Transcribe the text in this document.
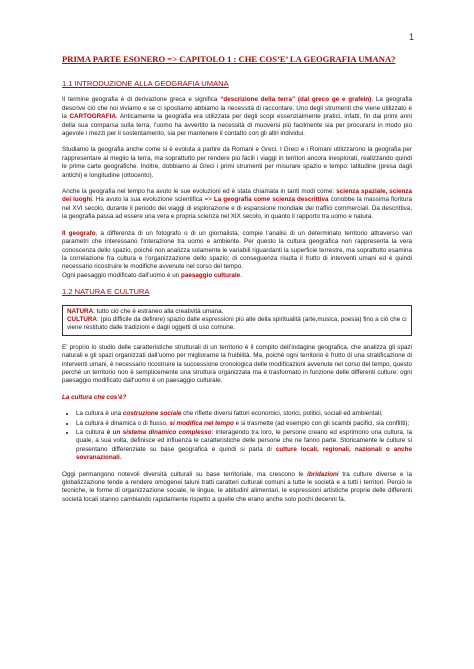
1
PRIMA PARTE ESONERO => CAPITOLO 1 : CHE COS’E’ LA GEOGRAFIA UMANA?
1.1 INTRODUZIONE ALLA GEOGRAFIA UMANA

Il termine geografia è di derivazione greca e significa “descrizione della terra” (dal greco ge e grafein). La geografia descrive ciò che noi viviamo e se ci spostiamo abbiamo la necessità di raccontare. Uno degli strumenti che viene utilizzato è la CARTOGRAFIA. Anticamente la geografia era utilizzata per degli scopi essenzialmente pratici, infatti, fin dai primi anni della sua comparsa sulla terra, l’uomo ha avvertito la necessità di muoversi più facilmente sia per procurarsi in modo più agevole i mezzi per il sostentamento, sia per mantenere il contatto con gli altri individui.

Studiamo la geografia anche come si è evoluta a partire da Romani e Greci. I Greci e i Romani utilizzarono la geografia per rappresentare al meglio la terra, ma soprattutto per rendere più facili i viaggi in territori ancora inesplorati, realizzando quindi le prime carte geografiche. Inoltre, dobbiamo ai Greci i primi strumenti per misurare spazio e tempo: latitudine (presa dagli antichi) e longitudine (ottocento).

Anche la geografia nel tempo ha avuto le sue evoluzioni ed è stata chiamata in tanti modi come: scienza spaziale, scienza dei luoghi. Ha avuto la sua evoluzione scientifica => La geografia come scienza descrittiva conobbe la massima fioritura nel XVI secolo, durante il periodo dei viaggi di esplorazione e di espansione mondiale dei traffici commerciali. Da descrittiva, la geografia passa ad essere una vera e propria scienza nel XIX secolo, in quanto il rapporto tra uomo e natura.

Il geografo, a differenza di un fotografo o di un giornalista, compie l’analisi di un determinato territorio attraverso vari parametri che interessano l’interazione tra uomo e ambiente. Per questo la cultura geografica non rappresenta la vera conoscenza dello spazio, poiché non analizza solamente le variabili riguardanti la superficie terrestre, ma soprattutto esamina la correlazione fra cultura e l’organizzazione dello spazio; di conseguenza risulta il frutto di interventi umani ed è quindi necessario ricostruire le modifiche avvenute nel corso del tempo.
Ogni paesaggio modificato dall’uomo è un paesaggio culturale.

1.2 NATURA E CULTURA
NATURA: tutto ciò che è estraneo alla creatività umana.
CULTURA: (più difficile da definire) spazio dalle espressioni più alte della spiritualità (arte,musica, poesia) fino a ciò che ci viene restituito dalle tradizioni e dagli oggetti di uso comune.

E’ proprio lo studio delle caratteristiche strutturali di un territorio è il compito dell’indagine geografica, che analizza gli spazi naturali e gli spazi organizzati dall’uomo per migliorarne la fruibilità. Ma, poiché ogni territorio è frutto di una stratificazione di interventi umani, è necessario ricostruire la successione cronologica delle modificazioni avvenute nel corso del tempo, questo perché un territorio non è semplicemente una struttura organizzata ma è trasformato in funzione delle differenti culture: ogni paesaggio modificato dall’uomo è un paesaggio culturale.

La cultura che cos’è?

• La cultura è una costruzione sociale che riflette diversi fattori economici, storici, politici, sociali ed ambientali;
• La cultura è dinamica o di flusso, si modifica nel tempo e si trasmette (ad esempio con gli scambi pacifici, sia conflitti);
• La cultura è un sistema dinamico complesso: interagendo tra loro, le persone creano ed esprimono una cultura, la quale, a sua volta, definisce ed influenza le caratteristiche delle persone che ne fanno parte. Storicamente le culture si presentano differenziate su base geografica e quindi si parla di culture locali, regionali, nazionali o anche sovranazionali.

Oggi permangono notevoli diversità culturali su base territoriale, ma crescono le ibridazioni tra culture diverse e la globalizzazione tende a rendere omogenei taluni tratti caratteri culturali comuni a tutte le società e a tutti i territori. Perciò le tecniche, le forme di organizzazione sociale, le lingue, le abitudini alimentari, le espressioni artistiche proprie delle differenti società locali stanno cambiando rapidamente rispetto a quelle che erano anche solo pochi decenni fa.
